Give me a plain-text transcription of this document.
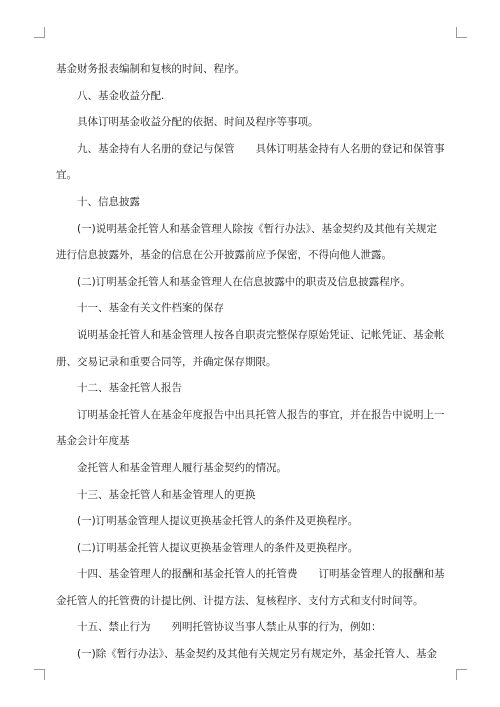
基金财务报表编制和复核的时间、程序。
八、基金收益分配.
具体订明基金收益分配的依据、时间及程序等事项。
九、基金持有人名册的登记与保管　　具体订明基金持有人名册的登记和保管事
宜。
十、信息披露
(一)说明基金托管人和基金管理人除按《暂行办法》、基金契约及其他有关规定
进行信息披露外，基金的信息在公开披露前应予保密，不得向他人泄露。
(二)订明基金托管人和基金管理人在信息披露中的职责及信息披露程序。
十一、基金有关文件档案的保存
说明基金托管人和基金管理人按各自职责完整保存原始凭证、记帐凭证、基金帐
册、交易记录和重要合同等，并确定保存期限。
十二、基金托管人报告
订明基金托管人在基金年度报告中出具托管人报告的事宜，并在报告中说明上一
基金会计年度基
金托管人和基金管理人履行基金契约的情况。
十三、基金托管人和基金管理人的更换
(一)订明基金管理人提议更换基金托管人的条件及更换程序。
(二)订明基金托管人提议更换基金管理人的条件及更换程序。
十四、基金管理人的报酬和基金托管人的托管费　　订明基金管理人的报酬和基
金托管人的托管费的计提比例、计提方法、复核程序、支付方式和支付时间等。
十五、禁止行为　　列明托管协议当事人禁止从事的行为，例如：
(一)除《暂行办法》、基金契约及其他有关规定另有规定外，基金托管人、基金
